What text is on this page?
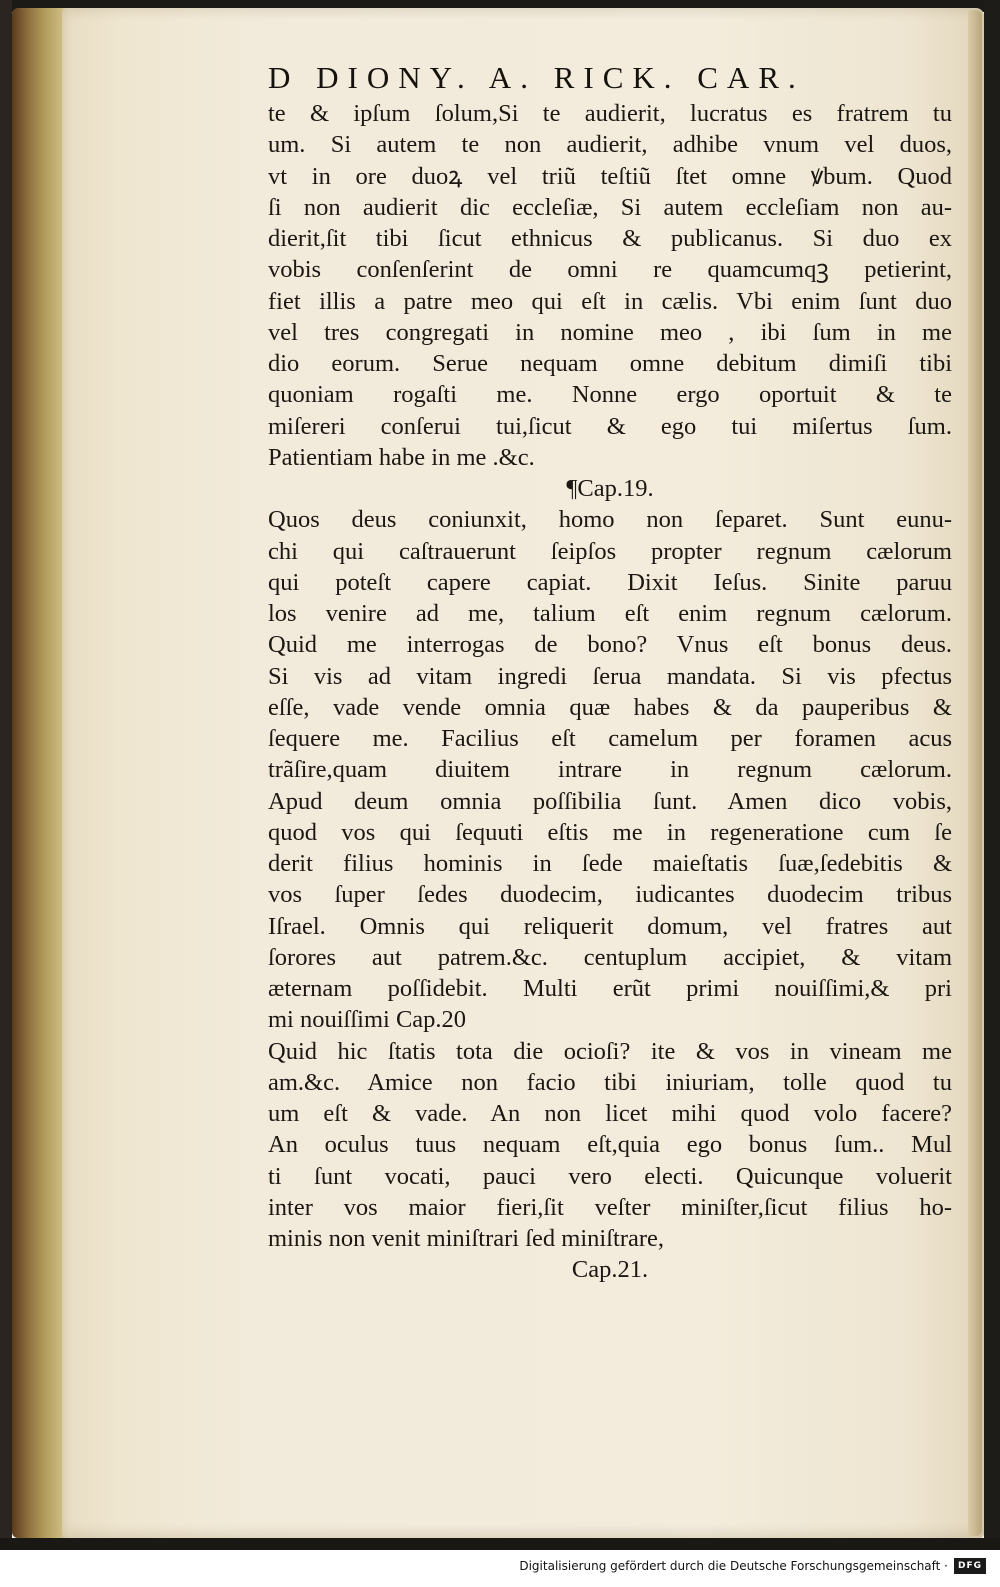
D DIONY. A. RICK. CAR.
te & ipſum ſolum,Si te audierit, lucratus es fratrem tu
um. Si autem te non audierit, adhibe vnum vel duos,
vt in ore duoꝝ vel triũ teſtiũ ſtet omne ꝟbum. Quod
ſi non audierit dic eccleſiæ, Si autem eccleſiam non au-
dierit,ſit tibi ſicut ethnicus & publicanus. Si duo ex
vobis conſenſerint de omni re quamcumqꝫ petierint,
fiet illis a patre meo qui eſt in cælis. Vbi enim ſunt duo
vel tres congregati in nomine meo , ibi ſum in me
dio eorum. Serue nequam omne debitum dimiſi tibi
quoniam rogaſti me. Nonne ergo oportuit & te
miſereri conſerui tui,ſicut & ego tui miſertus ſum.
Patientiam habe in me .&c.
¶Cap.19.
Quos deus coniunxit, homo non ſeparet. Sunt eunu-
chi qui caſtrauerunt ſeipſos propter regnum cælorum
qui poteſt capere capiat. Dixit Ieſus. Sinite paruu
los venire ad me, talium eſt enim regnum cælorum.
Quid me interrogas de bono? Vnus eſt bonus deus.
Si vis ad vitam ingredi ſerua mandata. Si vis pfectus
eſſe, vade vende omnia quæ habes & da pauperibus &
ſequere me. Facilius eſt camelum per foramen acus
trãſire,quam diuitem intrare in regnum cælorum.
Apud deum omnia poſſibilia ſunt. Amen dico vobis,
quod vos qui ſequuti eſtis me in regeneratione cum ſe
derit filius hominis in ſede maieſtatis ſuæ,ſedebitis &
vos ſuper ſedes duodecim, iudicantes duodecim tribus
Iſrael. Omnis qui reliquerit domum, vel fratres aut
ſorores aut patrem.&c. centuplum accipiet, & vitam
æternam poſſidebit. Multi erũt primi nouiſſimi,& pri
mi nouiſſimi Cap.20
Quid hic ſtatis tota die ocioſi? ite & vos in vineam me
am.&c. Amice non facio tibi iniuriam, tolle quod tu
um eſt & vade. An non licet mihi quod volo facere?
An oculus tuus nequam eſt,quia ego bonus ſum.. Mul
ti ſunt vocati, pauci vero electi. Quicunque voluerit
inter vos maior fieri,ſit veſter miniſter,ſicut filius ho-
minis non venit miniſtrari ſed miniſtrare,
Cap.21.
Digitalisierung gefördert durch die Deutsche Forschungsgemeinschaft ·	DFG
